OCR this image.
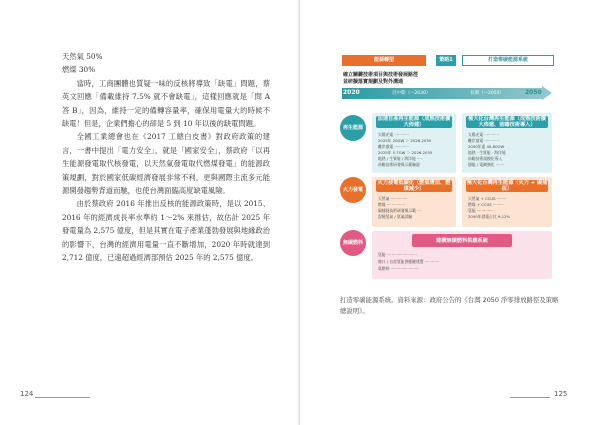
天然氣 50%

燃煤 30%

當時，工商團體也質疑一味的反核將導致「缺電」問題，蔡英文回應「備載維持 7.5% 就不會缺電」，這樣回應就是「問 A 答 B」，因為，維持一定的備轉容量率，確保用電量大的時候不缺電！但是，企業們擔心的卻是 5 到 10 年以後的缺電問題。

全國工業總會也在《2017 工總白皮書》對政府政策的建言，一書中提出「電力安全」，就是「國家安全」，蔡政府「以再生能源發電取代核發電，以天然氣發電取代燃煤發電」的能源政策規劃，對於國家低碳經濟發展非常不利，更與國際主流多元能源開發趨勢背道而馳，也使台灣面臨高度缺電風險。

由於蔡政府 2016 年推出反核的能源政策時，是以 2015、2016 年的經濟成長率水準約 1～2% 來推估，故估計 2025 年發電量為 2,575 億度，但是其實在電子產業蓬勃發展與地緣政治的影響下，台灣的經濟用電量一直不斷增加，2020 年時就達到 2,712 億度，已遠超過經濟部預估 2025 年的 2,575 億度。

124
能源轉型	策略1	打造零碳能源系統
確立關鍵技術項目與技術發展路徑
並研擬落實規劃及對外溝通
2020	近中期（～2030）	長期（～2050）	2050
再生能源
火力發電
無碳燃料
加速自産再生能源（成熟技術擴大佈建）
太陽光電 ‧‧‧‧‧‧‧‧‧‧‧‧
2025年 20GW ＞ 2026-2030
離岸風電 ‧‧‧‧‧‧‧‧‧‧‧‧
2025年 5.7GW ＞ 2026-2035
地熱 / 生質能 / 海洋能 ‧‧‧‧
前瞻技術研發與示範驗證
極大化台灣再生能源（成熟技術擴大佈建、前瞻技術導入）
太陽光電 ‧‧‧‧‧‧‧‧‧‧‧‧
離岸風電 ‧‧‧‧‧‧‧‧‧‧‧‧
2050年達 40-80GW
地熱 ‧ 生質能 ‧ 海洋能
前瞻技術規模化導入
儲能 / 電網強化 ‧‧‧‧‧‧‧
火力發電低碳化（燃氣增加、燃煤減少）
天然氣 ‧‧‧‧‧‧‧‧‧‧‧‧‧‧
燃煤 ‧‧‧‧‧‧‧‧‧‧‧‧‧‧‧
碳捕捉技術研發與示範 ‧‧‧
混燒氫氣 / 氨氣試驗
極大化台灣再生能源（火力 + 碳捕捉）
天然氣 + CCUS ‧‧‧‧‧‧‧‧
燃煤 + CCUS ‧‧‧‧‧‧‧‧‧
氫能 ‧‧‧‧‧‧‧‧‧‧‧‧‧‧
2050年發電占比 9-12%
建構無碳燃料供應系統
氫能 ‧‧‧‧‧‧‧‧‧‧‧‧‧‧‧‧‧‧‧‧‧‧‧‧‧
進口 / 自産氫能供應鏈建置 ‧‧‧‧‧‧‧‧‧‧‧‧
氨燃料 ‧‧‧‧‧‧‧‧‧‧‧‧‧‧‧‧‧‧‧‧‧‧‧‧
打造零碳能源系統。資料來源：政府公告的《台灣 2050 淨零排放路徑及策略總說明》。
125
